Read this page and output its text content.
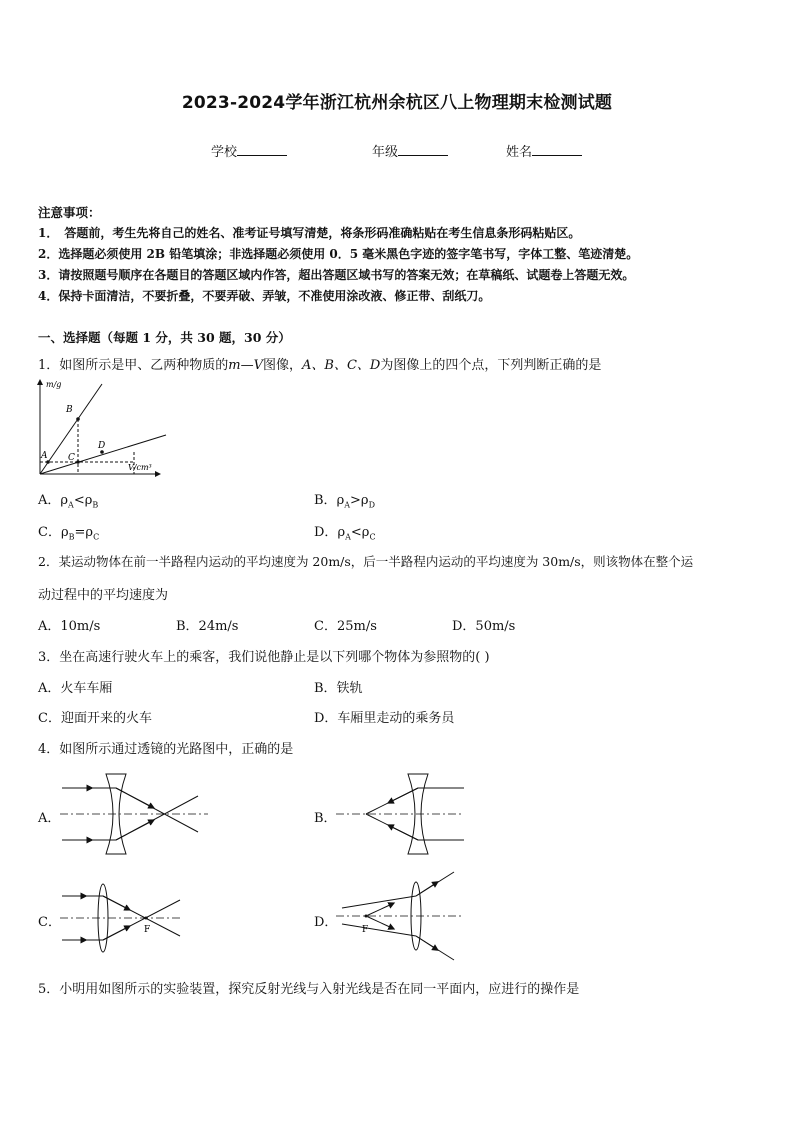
2023-2024学年浙江杭州余杭区八上物理期末检测试题
学校	年级	姓名
注意事项：
1．　答题前，考生先将自己的姓名、准考证号填写清楚，将条形码准确粘贴在考生信息条形码粘贴区。
2．选择题必须使用 2B 铅笔填涂；非选择题必须使用 0．5 毫米黑色字迹的签字笔书写，字体工整、笔迹清楚。
3．请按照题号顺序在各题目的答题区域内作答，超出答题区域书写的答案无效；在草稿纸、试题卷上答题无效。
4．保持卡面清洁，不要折叠，不要弄破、弄皱，不准使用涂改液、修正带、刮纸刀。
一、选择题（每题 1 分，共 30 题，30 分）
1．如图所示是甲、乙两种物质的m—V图像，A、B、C、D为图像上的四个点，下列判断正确的是
m/g
V/cm³
A
B
C
D
A．$\rho_A<\rho_B$	B．$\rho_A>\rho_D$
C．$\rho_B=\rho_C$	D．$\rho_A<\rho_C$
2．某运动物体在前一半路程内运动的平均速度为 20m/s，后一半路程内运动的平均速度为 30m/s，则该物体在整个运
动过程中的平均速度为
A．10m/s	B．24m/s	C．25m/s	D．50m/s
3．坐在高速行驶火车上的乘客，我们说他静止是以下列哪个物体为参照物的( )
A．火车车厢	B．铁轨
C．迎面开来的火车	D．车厢里走动的乘务员
4．如图所示通过透镜的光路图中，正确的是
A．	B．
C．	F	D．	F
5．小明用如图所示的实验装置，探究反射光线与入射光线是否在同一平面内，应进行的操作是
